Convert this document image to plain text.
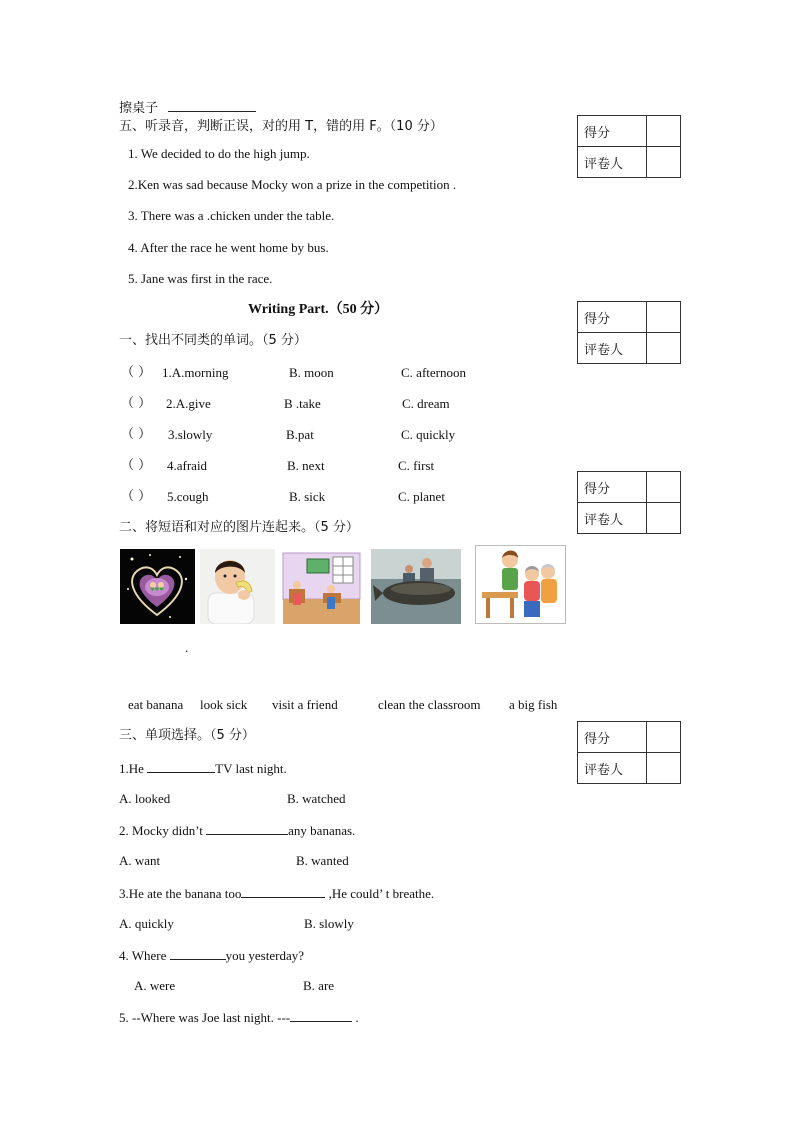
擦桌子
五、听录音，判断正误，对的用 T，错的用 F。（10 分）
1. We decided to do the high jump.
2.Ken was sad because Mocky won a prize in the competition .
3. There was a .chicken under the table.
4. After the race he went home by bus.
5. Jane was first in the race.
Writing Part.（50 分）
一、找出不同类的单词。（5 分）
（ ） 1.A.morning	B. moon	C. afternoon
（ ） 2.A.give	B .take	C. dream
（ ） 3.slowly	B.pat	C. quickly
（ ） 4.afraid	B. next	C. first
（ ） 5.cough	B. sick	C. planet
二、将短语和对应的图片连起来。（5 分）
♥♥♥
.
eat banana look sick visit a friend	clean the classroom a big fish
三、单项选择。（5 分）
1.He	TV last night.
A. looked	B. watched
2. Mocky didn’t	any bananas.
A. want	B. wanted
3.He ate the banana too	,He could’ t breathe.
A. quickly	B. slowly
4. Where	you yesterday?
A. were	B. are
5. --Where was Joe last night. ---	.
得分	
评卷人	
得分	
评卷人	
得分	
评卷人	
得分	
评卷人	
